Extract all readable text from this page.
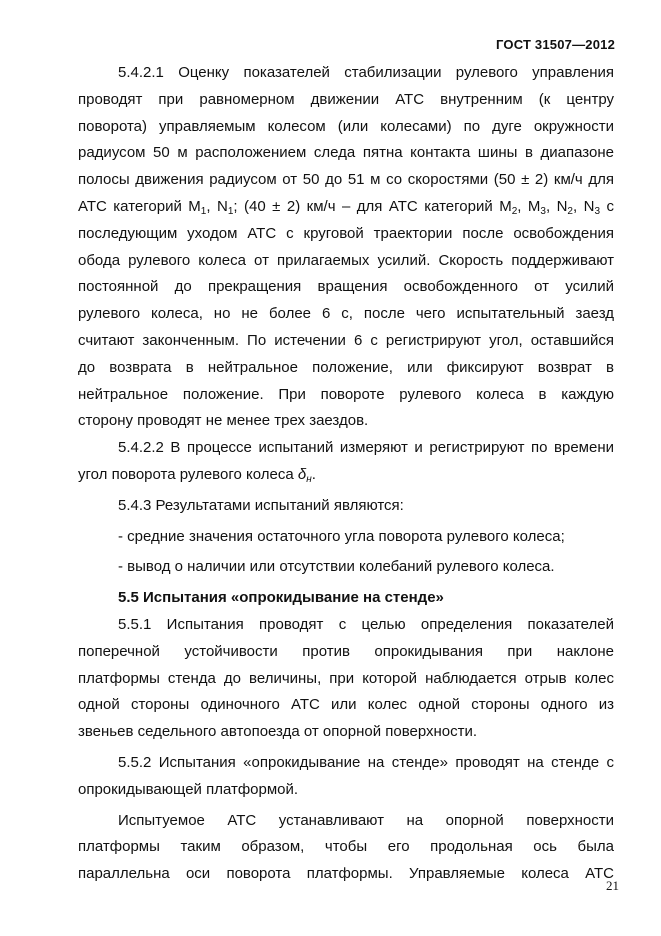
ГОСТ 31507—2012

5.4.2.1 Оценку показателей стабилизации рулевого управления

проводят при равномерном движении АТС внутренним (к центру

поворота) управляемым колесом (или колесами) по дуге окружности

радиусом 50 м расположением следа пятна контакта шины в диапазоне

полосы движения радиусом от 50 до 51 м со скоростями (50 ± 2) км/ч для

АТС категорий $M_1$, $N_1$; (40 ± 2) км/ч – для АТС категорий $M_2$, $M_3$, $N_2$, $N_3$ с

последующим уходом АТС с круговой траектории после освобождения

обода рулевого колеса от прилагаемых усилий. Скорость поддерживают

постоянной до прекращения вращения освобожденного от усилий

рулевого колеса, но не более 6 с, после чего испытательный заезд

считают законченным. По истечении 6 с регистрируют угол, оставшийся

до возврата в нейтральное положение, или фиксируют возврат в

нейтральное положение. При повороте рулевого колеса в каждую

сторону проводят не менее трех заездов.

5.4.2.2 В процессе испытаний измеряют и регистрируют по времени

угол поворота рулевого колеса $\delta_н$.

5.4.3 Результатами испытаний являются:

- средние значения остаточного угла поворота рулевого колеса;

- вывод о наличии или отсутствии колебаний рулевого колеса.

5.5 Испытания «опрокидывание на стенде»

5.5.1 Испытания проводят с целью определения показателей

поперечной устойчивости против опрокидывания при наклоне

платформы стенда до величины, при которой наблюдается отрыв колес

одной стороны одиночного АТС или колес одной стороны одного из

звеньев седельного автопоезда от опорной поверхности.

5.5.2 Испытания «опрокидывание на стенде» проводят на стенде с

опрокидывающей платформой.

Испытуемое АТС устанавливают на опорной поверхности

платформы таким образом, чтобы его продольная ось была

параллельна оси поворота платформы. Управляемые колеса АТС

21
